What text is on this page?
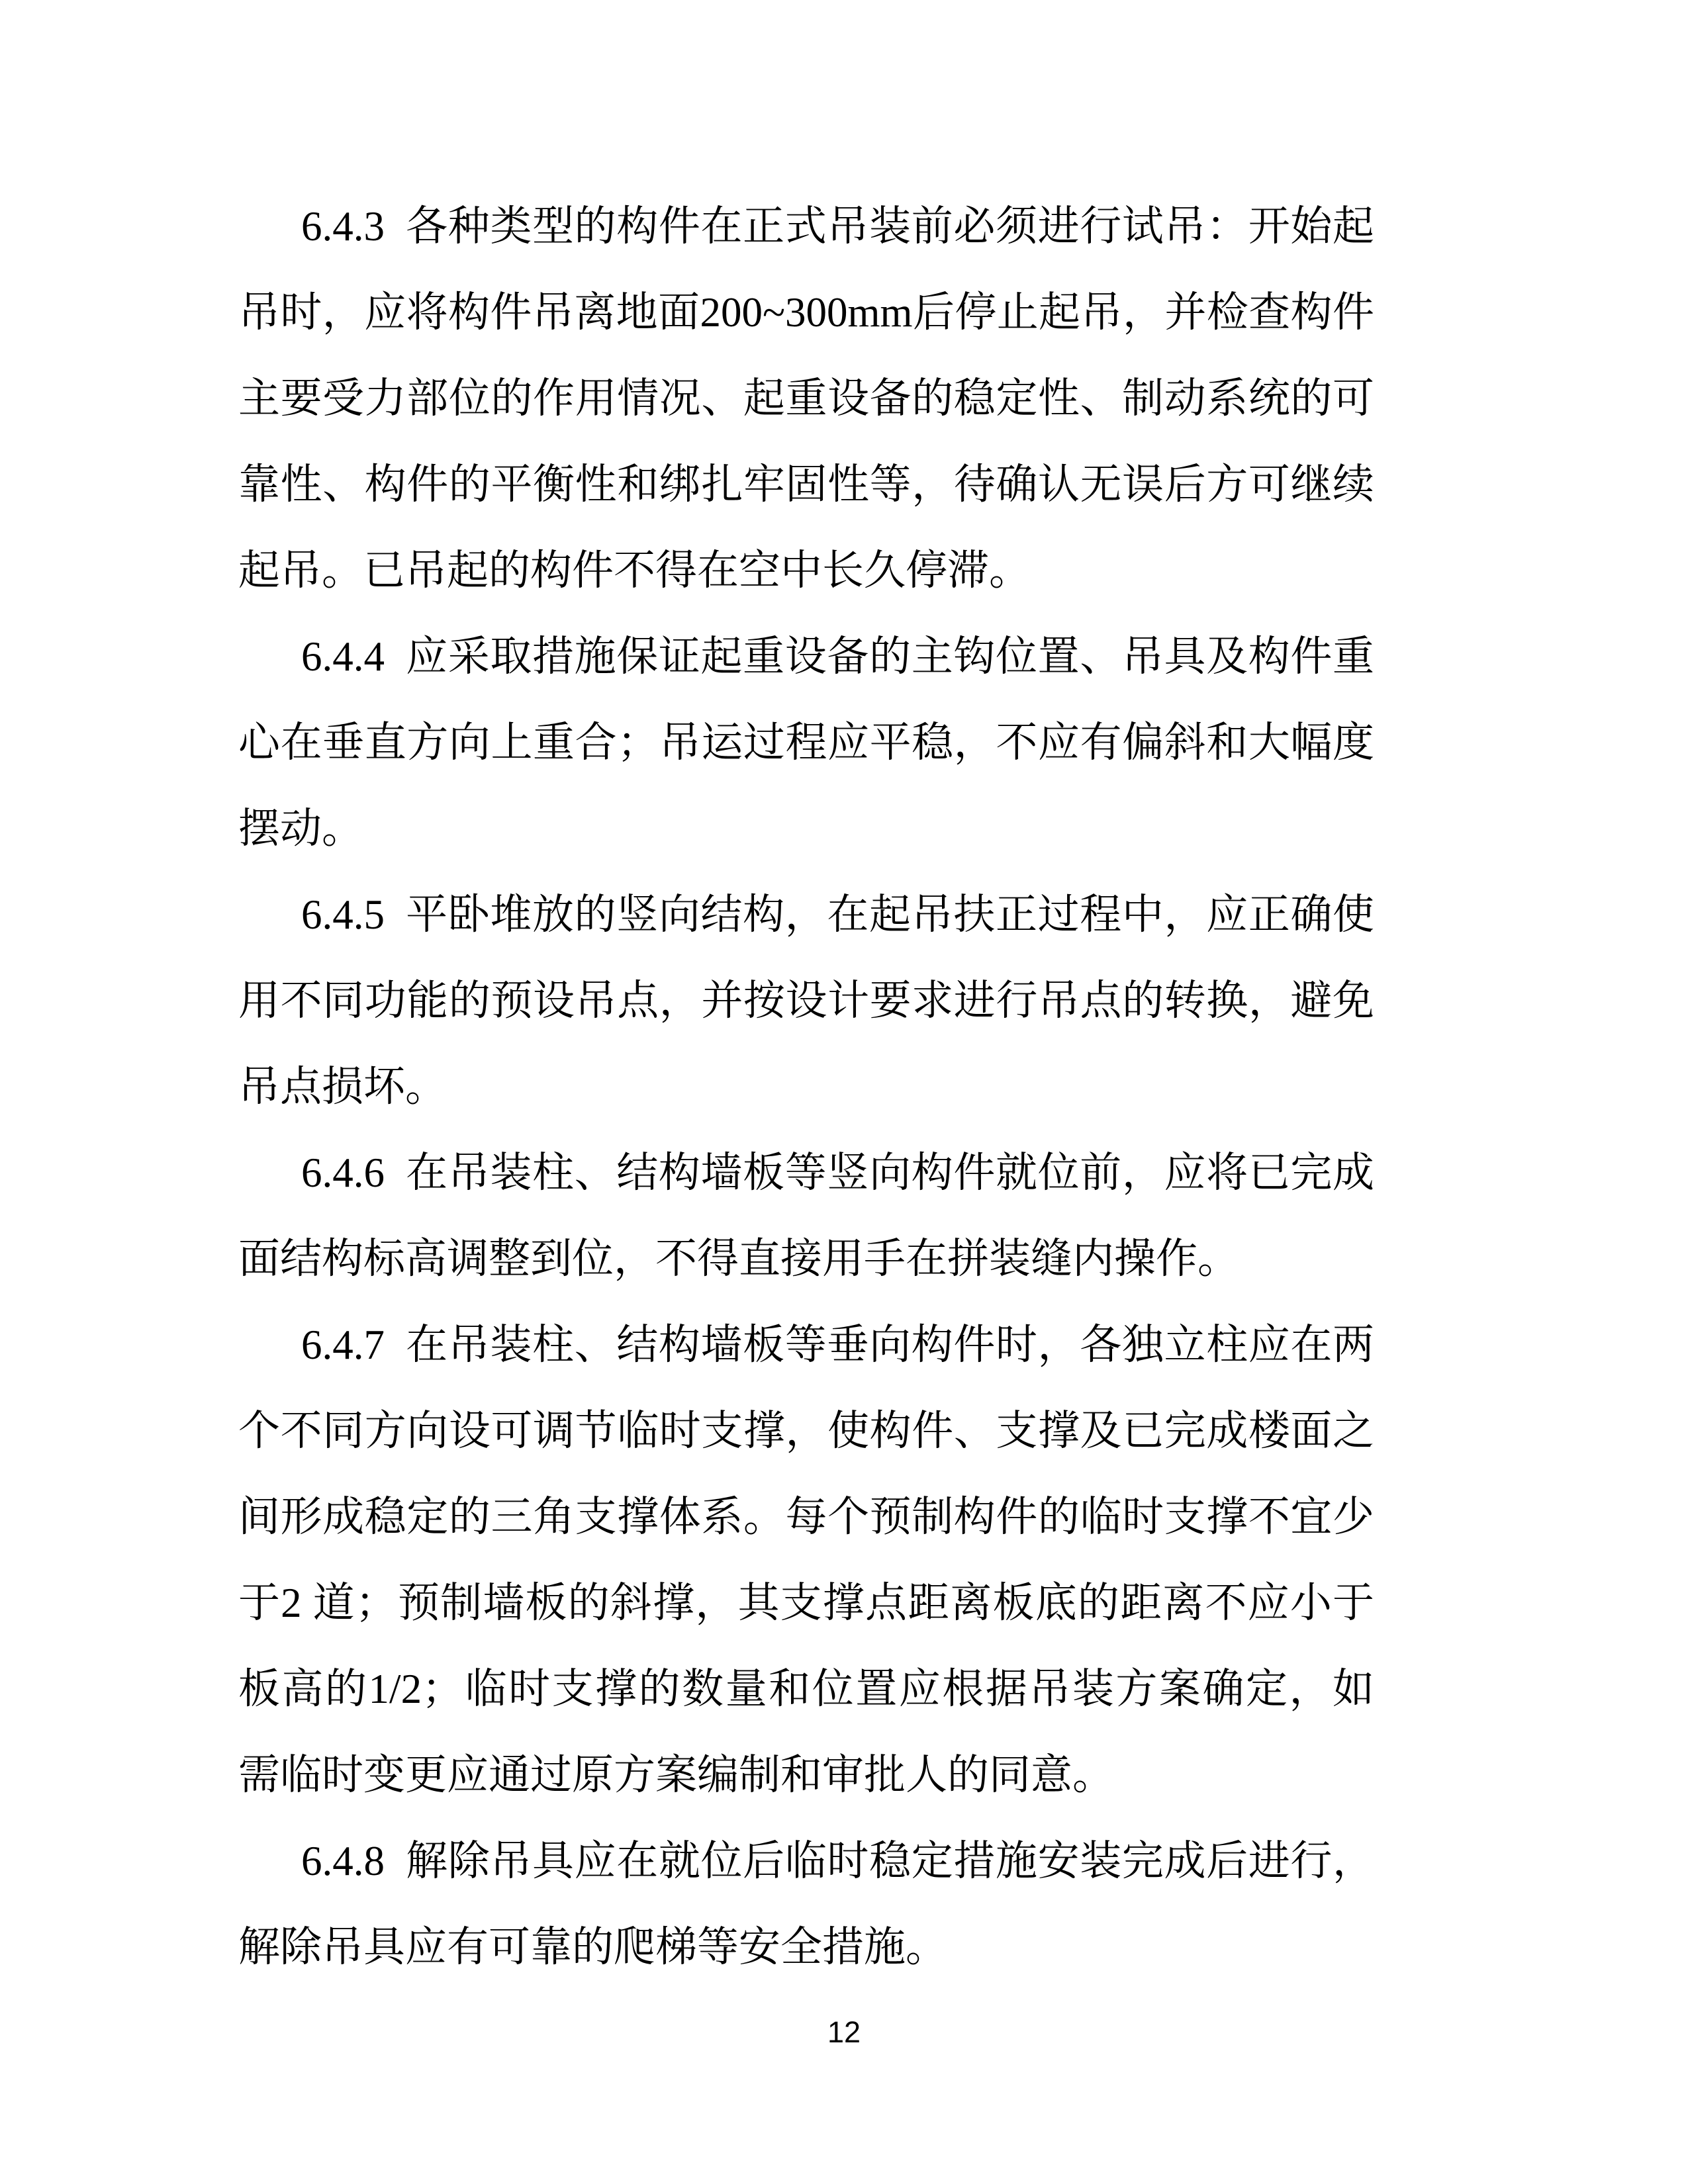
6.4.3 各种类型的构件在正式吊装前必须进行试吊：开始起吊时，应将构件吊离地面200~300mm后停止起吊，并检查构件主要受力部位的作用情况、起重设备的稳定性、制动系统的可靠性、构件的平衡性和绑扎牢固性等，待确认无误后方可继续起吊。已吊起的构件不得在空中长久停滞。

6.4.4 应采取措施保证起重设备的主钩位置、吊具及构件重心在垂直方向上重合；吊运过程应平稳，不应有偏斜和大幅度摆动。

6.4.5 平卧堆放的竖向结构，在起吊扶正过程中，应正确使用不同功能的预设吊点，并按设计要求进行吊点的转换，避免吊点损坏。

6.4.6 在吊装柱、结构墙板等竖向构件就位前，应将已完成面结构标高调整到位，不得直接用手在拼装缝内操作。

6.4.7 在吊装柱、结构墙板等垂向构件时，各独立柱应在两个不同方向设可调节临时支撑，使构件、支撑及已完成楼面之间形成稳定的三角支撑体系。每个预制构件的临时支撑不宜少于2 道；预制墙板的斜撑，其支撑点距离板底的距离不应小于板高的1/2；临时支撑的数量和位置应根据吊装方案确定，如需临时变更应通过原方案编制和审批人的同意。

6.4.8 解除吊具应在就位后临时稳定措施安装完成后进行，解除吊具应有可靠的爬梯等安全措施。

12
